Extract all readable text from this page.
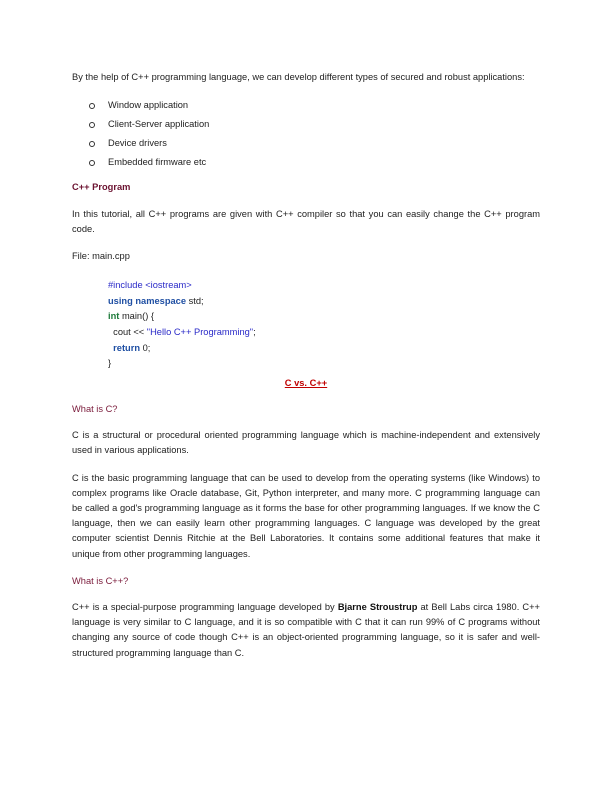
By the help of C++ programming language, we can develop different types of secured and robust applications:

Window application
Client-Server application
Device drivers
Embedded firmware etc
C++ Program

In this tutorial, all C++ programs are given with C++ compiler so that you can easily change the C++ program code.

File: main.cpp

#include <iostream>
using namespace std;
int main() {
cout << "Hello C++ Programming";
return 0;
}
C vs. C++
What is C?

C is a structural or procedural oriented programming language which is machine-independent and extensively used in various applications.

C is the basic programming language that can be used to develop from the operating systems (like Windows) to complex programs like Oracle database, Git, Python interpreter, and many more. C programming language can be called a god's programming language as it forms the base for other programming languages. If we know the C language, then we can easily learn other programming languages. C language was developed by the great computer scientist Dennis Ritchie at the Bell Laboratories. It contains some additional features that make it unique from other programming languages.

What is C++?

C++ is a special-purpose programming language developed by Bjarne Stroustrup at Bell Labs circa 1980. C++ language is very similar to C language, and it is so compatible with C that it can run 99% of C programs without changing any source of code though C++ is an object-oriented programming language, so it is safer and well-structured programming language than C.
